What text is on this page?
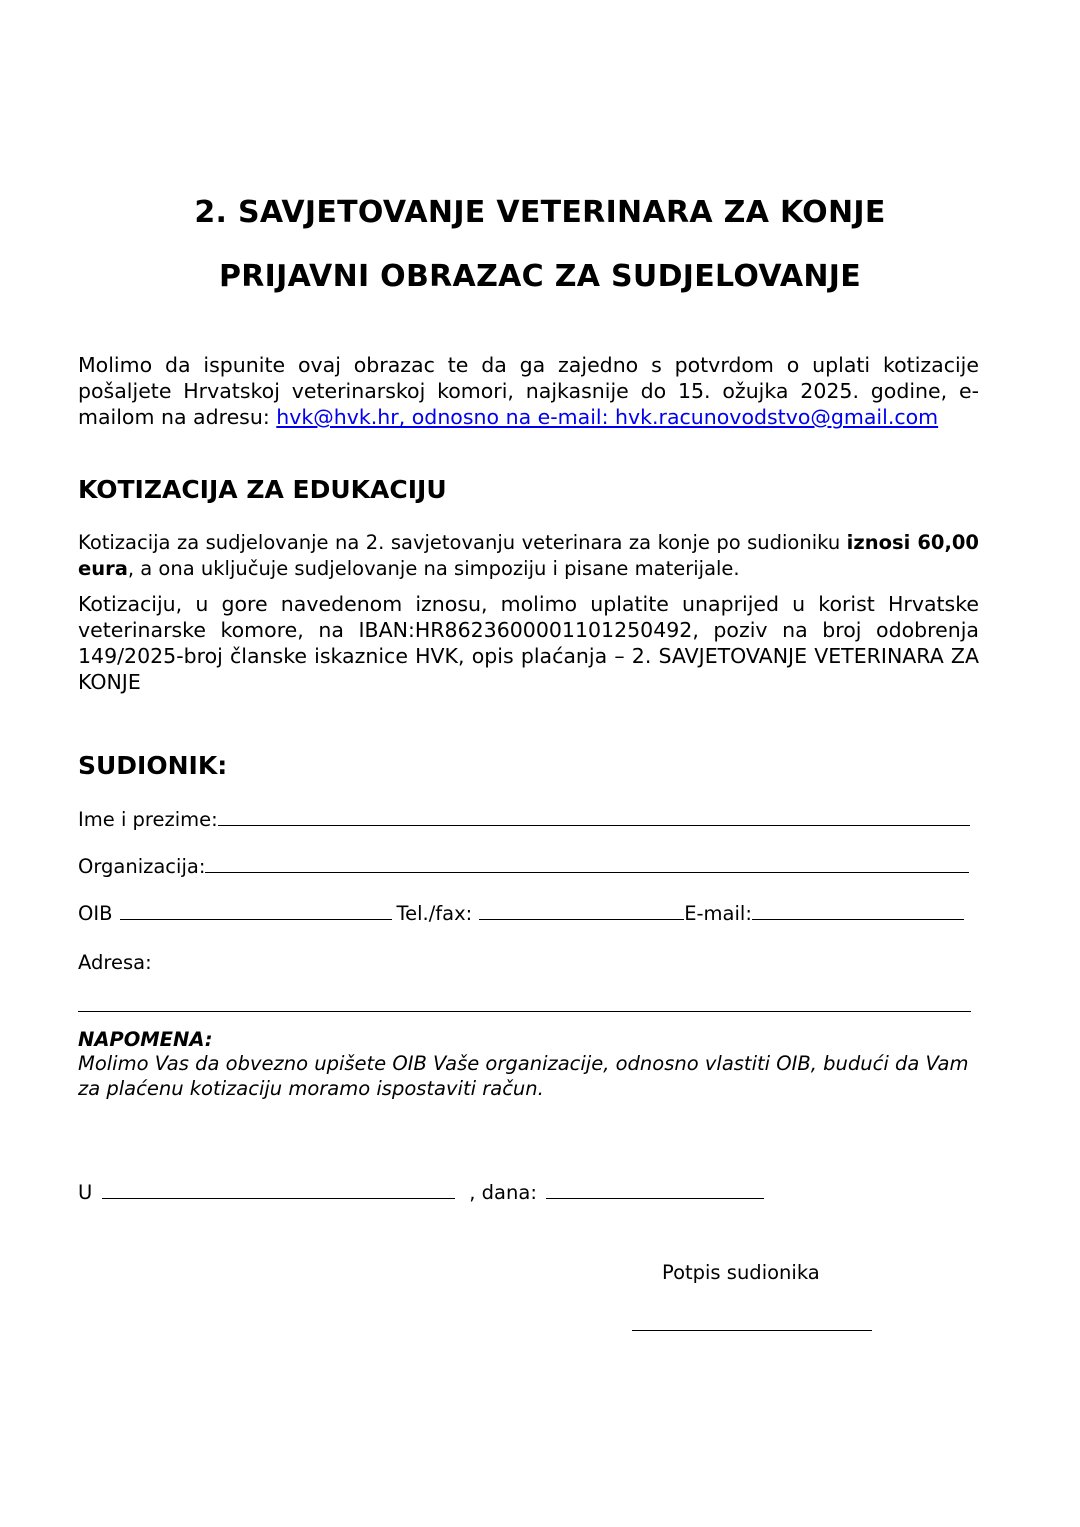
2. SAVJETOVANJE VETERINARA ZA KONJE
PRIJAVNI OBRAZAC ZA SUDJELOVANJE
Molimo da ispunite ovaj obrazac te da ga zajedno s potvrdom o uplati kotizacije pošaljete Hrvatskoj veterinarskoj komori, najkasnije do 15. ožujka 2025. godine, e-mailom na adresu: hvk@hvk.hr, odnosno na e-mail: hvk.racunovodstvo@gmail.com
KOTIZACIJA ZA EDUKACIJU
Kotizacija za sudjelovanje na 2. savjetovanju veterinara za konje po sudioniku iznosi 60,00 eura, a ona uključuje sudjelovanje na simpoziju i pisane materijale.
Kotizaciju, u gore navedenom iznosu, molimo uplatite unaprijed u korist Hrvatske veterinarske komore, na IBAN:HR8623600001101250492, poziv na broj odobrenja 149/2025-broj članske iskaznice HVK, opis plaćanja – 2. SAVJETOVANJE VETERINARA ZA KONJE
SUDIONIK:
Ime i prezime:
Organizacija:
OIB	Tel./fax:	E-mail:
Adresa:
NAPOMENA:
Molimo Vas da obvezno upišete OIB Vaše organizacije, odnosno vlastiti OIB, budući da Vam za plaćenu kotizaciju moramo ispostaviti račun.
U	, dana:
Potpis sudionika
